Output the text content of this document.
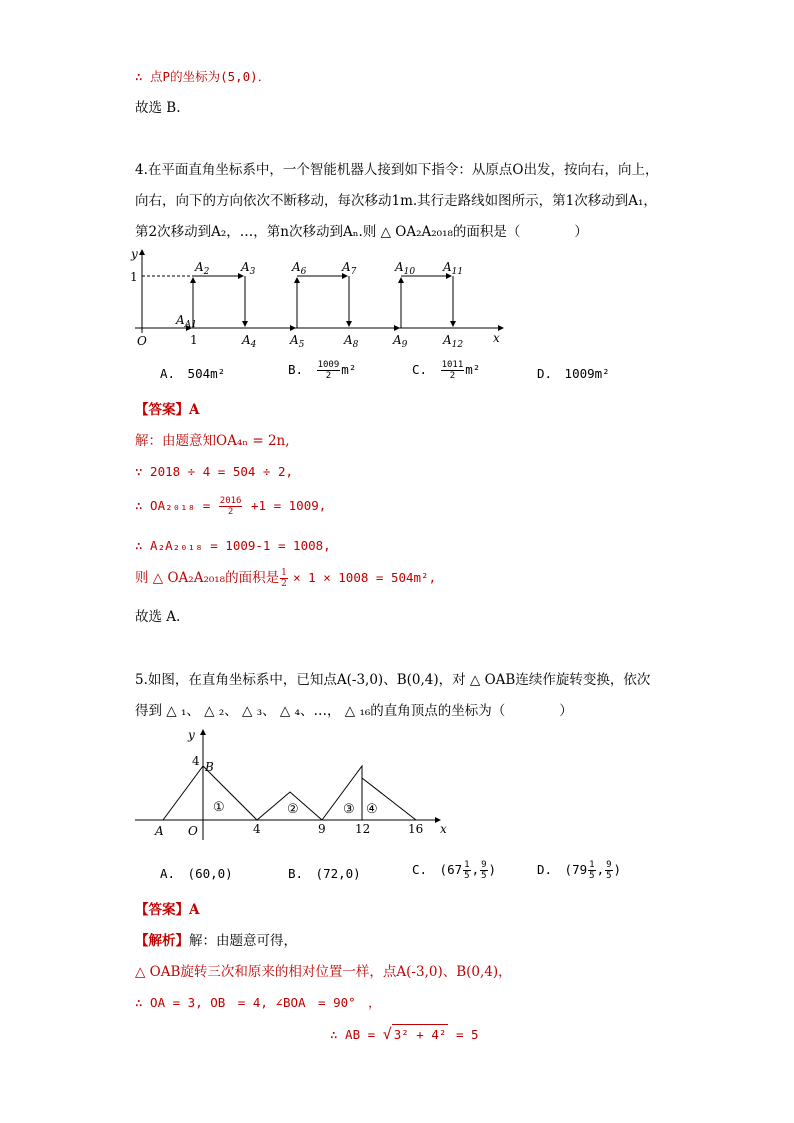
∴ 点P的坐标为(5,0)．
故选 B.
4.在平面直角坐标系中，一个智能机器人接到如下指令：从原点O出发，按向右，向上，
向右，向下的方向依次不断移动，每次移动1m.其行走路线如图所示，第1次移动到A₁，
第2次移动到A₂，…，第n次移动到Aₙ.则 △ OA₂A₂₀₁₈的面积是（　　　　）
y
x
O
1
1
$A_{A1}$
$A_2$	$A_3$
$A_4$	$A_5$
$A_6$	$A_7$
$A_8$	$A_9$
$A_{10}$ $A_{11}$
$A_{12}$
A.　504m²	B. $\frac{1009}{2} m^2$	C. $\frac{1011}{2} m^2$	D.　1009m²
【答案】A
解：由题意知OA₄ₙ = 2n,
∵ 2018 ÷ 4 = 504 ÷ 2,
∴ $OA_{2018} = \frac{2016}{2} +1 = 1009$,
∴ A₂A₂₀₁₈ = 1009-1 = 1008,
则 △ OA₂A₂₀₁₈的面积是 $\frac{1}{2} \times 1 \times 1008 = 504m^2$,
故选 A.
5.如图，在直角坐标系中，已知点A(-3,0)、B(0,4)，对 △ OAB连续作旋转变换，依次
得到 △ ₁、 △ ₂、 △ ₃、 △ ₄、…， △ ₁₆的直角顶点的坐标为（　　　　）
y
x
A O
B
4
4	9 12	16
①	②	③ ④
A.　(60,0)	B.　(72,0)	C.　($67 \frac{1}{5}$ , $\frac{9}{5}$ )	D.　($79 \frac{1}{5}$ , $\frac{9}{5}$ )
【答案】A
【解析】解：由题意可得，
△ OAB旋转三次和原来的相对位置一样，点A(-3,0)、B(0,4)，
∴ OA = 3, OB　= 4, ∠BOA　= 90°　，
∴ AB = √ 3² + 4² = 5
